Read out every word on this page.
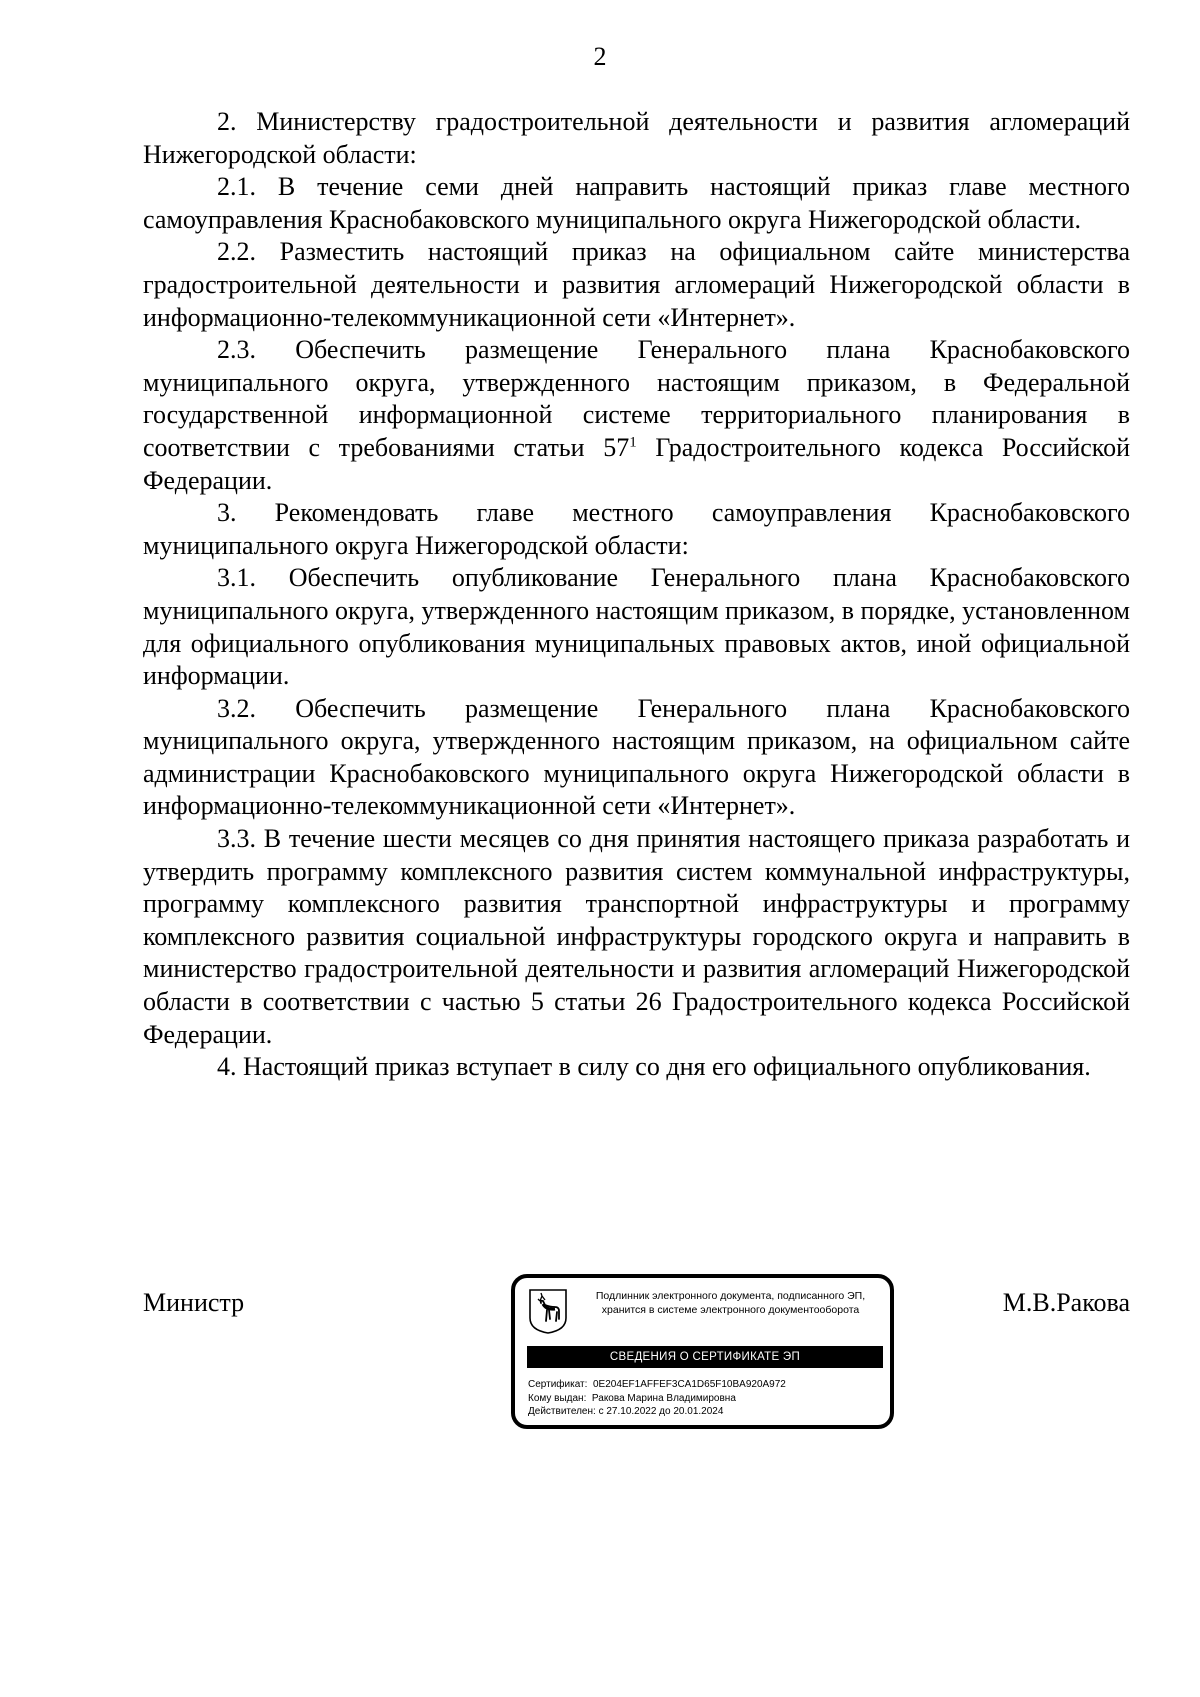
2

2. Министерству градостроительной деятельности и развития агломераций Нижегородской области:

2.1. В течение семи дней направить настоящий приказ главе местного самоуправления Краснобаковского муниципального округа Нижегородской области.

2.2. Разместить настоящий приказ на официальном сайте министерства градостроительной деятельности и развития агломераций Нижегородской области в информационно-телекоммуникационной сети «Интернет».

2.3. Обеспечить размещение Генерального плана Краснобаковского муниципального округа, утвержденного настоящим приказом, в Федеральной государственной информационной системе территориального планирования в соответствии с требованиями статьи $57^1$ Градостроительного кодекса Российской Федерации.

3. Рекомендовать главе местного самоуправления Краснобаковского муниципального округа Нижегородской области:

3.1. Обеспечить опубликование Генерального плана Краснобаковского муниципального округа, утвержденного настоящим приказом, в порядке, установленном для официального опубликования муниципальных правовых актов, иной официальной информации.

3.2. Обеспечить размещение Генерального плана Краснобаковского муниципального округа, утвержденного настоящим приказом, на официальном сайте администрации Краснобаковского муниципального округа Нижегородской области в информационно-телекоммуникационной сети «Интернет».

3.3. В течение шести месяцев со дня принятия настоящего приказа разработать и утвердить программу комплексного развития систем коммунальной инфраструктуры, программу комплексного развития транспортной инфраструктуры и программу комплексного развития социальной инфраструктуры городского округа и направить в министерство градостроительной деятельности и развития агломераций Нижегородской области в соответствии с частью 5 статьи 26 Градостроительного кодекса Российской Федерации.

4. Настоящий приказ вступает в силу со дня его официального опубликования.

Министр	Подлинник электронного документа, подписанного ЭП, хранится в системе электронного документооборота
СВЕДЕНИЯ О СЕРТИФИКАТЕ ЭП
Сертификат: 0E204EF1AFFEF3CA1D65F10BA920A972
Кому выдан: Ракова Марина Владимировна
Действителен: с 27.10.2022 до 20.01.2024
М.В.Ракова
